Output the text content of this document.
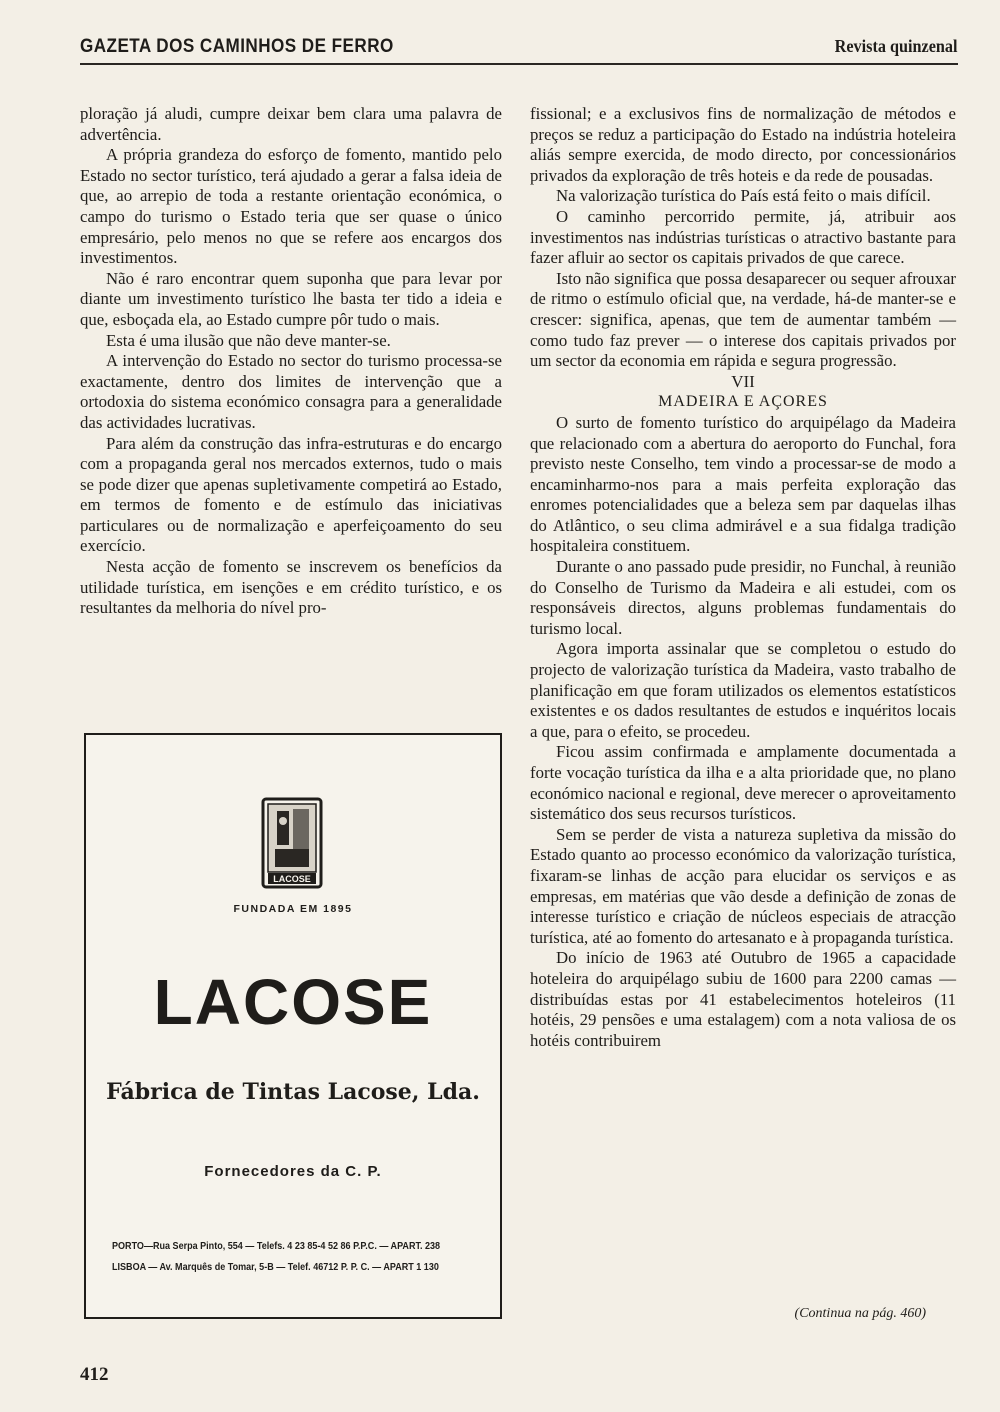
GAZETA DOS CAMINHOS DE FERRO	Revista quinzenal

ploração já aludi, cumpre deixar bem clara uma palavra de advertência.

A própria grandeza do esforço de fomento, mantido pelo Estado no sector turístico, terá ajudado a gerar a falsa ideia de que, ao arrepio de toda a restante orientação económica, o campo do turismo o Estado teria que ser quase o único empresário, pelo menos no que se refere aos encargos dos investimentos.

Não é raro encontrar quem suponha que para levar por diante um investimento turístico lhe basta ter tido a ideia e que, esboçada ela, ao Estado cumpre pôr tudo o mais.

Esta é uma ilusão que não deve manter-se.

A intervenção do Estado no sector do turismo processa-se exactamente, dentro dos limites de intervenção que a ortodoxia do sistema económico consagra para a generalidade das actividades lucrativas.

Para além da construção das infra-estruturas e do encargo com a propaganda geral nos mercados externos, tudo o mais se pode dizer que apenas supletivamente competirá ao Estado, em termos de fomento e de estímulo das iniciativas particulares ou de normalização e aperfeiçoamento do seu exercício.

Nesta acção de fomento se inscrevem os benefícios da utilidade turística, em isenções e em crédito turístico, e os resultantes da melhoria do nível pro-

LACOSE
FUNDADA EM 1895
LACOSE
Fábrica de Tintas Lacose, Lda.
Fornecedores da C. P.
PORTO—Rua Serpa Pinto, 554 — Telefs. 4 23 85-4 52 86 P.P.C. — APART. 238
LISBOA — Av. Marquês de Tomar, 5-B — Telef. 46712 P. P. C. — APART 1 130

fissional; e a exclusivos fins de normalização de métodos e preços se reduz a participação do Estado na indústria hoteleira aliás sempre exercida, de modo directo, por concessionários privados da exploração de três hoteis e da rede de pousadas.

Na valorização turística do País está feito o mais difícil.

O caminho percorrido permite, já, atribuir aos investimentos nas indústrias turísticas o atractivo bastante para fazer afluir ao sector os capitais privados de que carece.

Isto não significa que possa desaparecer ou sequer afrouxar de ritmo o estímulo oficial que, na verdade, há-de manter-se e crescer: significa, apenas, que tem de aumentar também — como tudo faz prever — o interese dos capitais privados por um sector da economia em rápida e segura progressão.

VII

MADEIRA E AÇORES

O surto de fomento turístico do arquipélago da Madeira que relacionado com a abertura do aeroporto do Funchal, fora previsto neste Conselho, tem vindo a processar-se de modo a encaminharmo-nos para a mais perfeita exploração das enromes potencialidades que a beleza sem par daquelas ilhas do Atlântico, o seu clima admirável e a sua fidalga tradição hospitaleira constituem.

Durante o ano passado pude presidir, no Funchal, à reunião do Conselho de Turismo da Madeira e ali estudei, com os responsáveis directos, alguns problemas fundamentais do turismo local.

Agora importa assinalar que se completou o estudo do projecto de valorização turística da Madeira, vasto trabalho de planificação em que foram utilizados os elementos estatísticos existentes e os dados resultantes de estudos e inquéritos locais a que, para o efeito, se procedeu.

Ficou assim confirmada e amplamente documentada a forte vocação turística da ilha e a alta prioridade que, no plano económico nacional e regional, deve merecer o aproveitamento sistemático dos seus recursos turísticos.

Sem se perder de vista a natureza supletiva da missão do Estado quanto ao processo económico da valorização turística, fixaram-se linhas de acção para elucidar os serviços e as empresas, em matérias que vão desde a definição de zonas de interesse turístico e criação de núcleos especiais de atracção turística, até ao fomento do artesanato e à propaganda turística.

Do início de 1963 até Outubro de 1965 a capacidade hoteleira do arquipélago subiu de 1600 para 2200 camas — distribuídas estas por 41 estabelecimentos hoteleiros (11 hotéis, 29 pensões e uma estalagem) com a nota valiosa de os hotéis contribuirem

(Continua na pág. 460)
412
